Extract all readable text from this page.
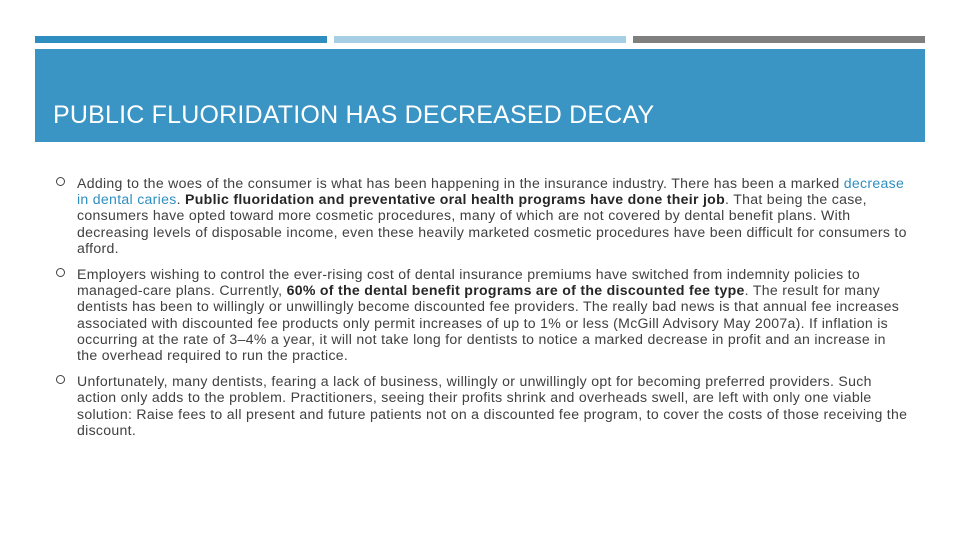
PUBLIC FLUORIDATION HAS DECREASED DECAY
Adding to the woes of the consumer is what has been happening in the insurance industry. There has been a marked decrease in dental caries. Public fluoridation and preventative oral health programs have done their job. That being the case, consumers have opted toward more cosmetic procedures, many of which are not covered by dental benefit plans. With decreasing levels of disposable income, even these heavily marketed cosmetic procedures have been difficult for consumers to afford.
Employers wishing to control the ever-rising cost of dental insurance premiums have switched from indemnity policies to managed-care plans. Currently, 60% of the dental benefit programs are of the discounted fee type. The result for many dentists has been to willingly or unwillingly become discounted fee providers. The really bad news is that annual fee increases associated with discounted fee products only permit increases of up to 1% or less (McGill Advisory May 2007a). If inflation is occurring at the rate of 3–4% a year, it will not take long for dentists to notice a marked decrease in profit and an increase in the overhead required to run the practice.
Unfortunately, many dentists, fearing a lack of business, willingly or unwillingly opt for becoming preferred providers. Such action only adds to the problem. Practitioners, seeing their profits shrink and overheads swell, are left with only one viable solution: Raise fees to all present and future patients not on a discounted fee program, to cover the costs of those receiving the discount.
